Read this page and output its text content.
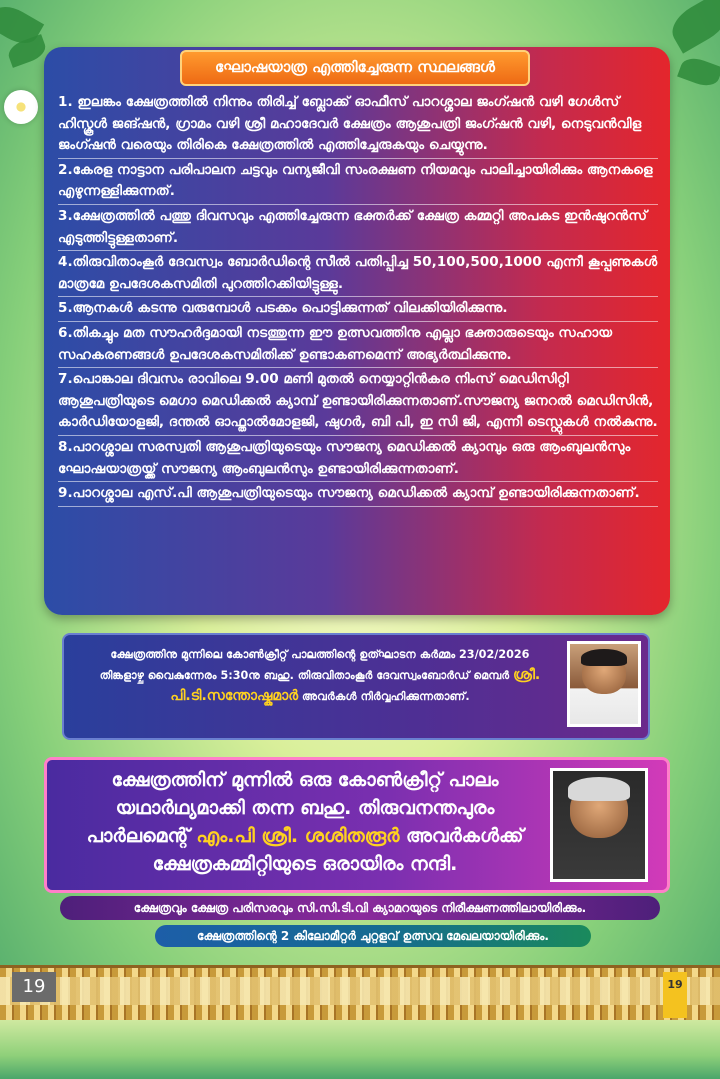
ഘോഷയാത്ര എത്തിച്ചേരുന്ന സ്ഥലങ്ങൾ
1. ഇലങ്കം ക്ഷേത്രത്തിൽ നിന്നും തിരിച്ച് ബ്ലോക്ക് ഓഫീസ് പാറശ്ശാല ജംഗ്ഷൻ വഴി ഗേൾസ് ഹിസ്കൂൾ ജങ്ഷൻ, ഗ്രാമം വഴി ശ്രീ മഹാദേവർ ക്ഷേത്രം ആശുപത്രി ജംഗ്ഷൻ വഴി, നെടുവൻവിള ജംഗ്ഷൻ വരെയും തിരികെ ക്ഷേത്രത്തിൽ എത്തിച്ചേരുകയും ചെയ്യുന്നു.
2.കേരള നാട്ടാന പരിപാലന ചട്ടവും വന്യജീവി സംരക്ഷണ നിയമവും പാലിച്ചായിരിക്കും ആനകളെ എഴുന്നള്ളിക്കുന്നത്.
3.ക്ഷേത്രത്തിൽ പത്തു ദിവസവും എത്തിച്ചേരുന്ന ഭക്തർക്ക് ക്ഷേത്ര കമ്മറ്റി അപകട ഇൻഷുറൻസ് എടുത്തിട്ടുള്ളതാണ്.
4.തിരുവിതാംകൂർ ദേവസ്വം ബോർഡിന്റെ സീൽ പതിപ്പിച്ച 50,100,500,1000 എന്നീ കൂപ്പണുകൾ മാത്രമേ ഉപദേശകസമിതി പുറത്തിറക്കിയിട്ടുള്ളു.
5.ആനകൾ കടന്നു വരുമ്പോൾ പടക്കം പൊട്ടിക്കുന്നത് വിലക്കിയിരിക്കുന്നു.
6.തികച്ചും മത സൗഹർദ്ദമായി നടത്തുന്ന ഈ ഉത്സവത്തിനു എല്ലാ ഭക്താരുടെയും സഹായ സഹകരണങ്ങൾ ഉപദേശകസമിതിക്ക് ഉണ്ടാകണമെന്ന് അഭ്യർത്ഥിക്കുന്നു.
7.പൊങ്കാല ദിവസം രാവിലെ 9.00 മണി മുതൽ നെയ്യാറ്റിൻകര നിംസ് മെഡിസിറ്റി ആശുപത്രിയുടെ മെഗാ മെഡിക്കൽ ക്യാമ്പ് ഉണ്ടായിരിക്കുന്നതാണ്.സൗജന്യ ജനറൽ മെഡിസിൻ, കാർഡിയോളജി, ദന്തൽ ഓഫ്താൽമോളജി, ഷുഗർ, ബി പി, ഇ സി ജി, എന്നീ ടെസ്റ്റുകൾ നൽകുന്നു.
8.പാറശ്ശാല സരസ്വതി ആശുപത്രിയുടെയും സൗജന്യ മെഡിക്കൽ ക്യാമ്പും ഒരു ആംബുലൻസും ഘോഷയാത്രയ്ക്ക് സൗജന്യ ആംബുലൻസും ഉണ്ടായിരിക്കുന്നതാണ്.
9.പാറശ്ശാല എസ്.പി ആശുപത്രിയുടെയും സൗജന്യ മെഡിക്കൽ ക്യാമ്പ് ഉണ്ടായിരിക്കുന്നതാണ്.
ക്ഷേത്രത്തിനു മുന്നിലെ കോൺക്രീറ്റ് പാലത്തിന്റെ ഉത്ഘാടന കർമ്മം 23/02/2026 തിങ്കളാഴ്ച വൈകുന്നേരം 5:30നു ബഹു. തിരുവിതാംകൂർ ദേവസ്വംബോർഡ് മെമ്പർ ശ്രീ. പി.ടി.സന്തോഷ്കുമാർ അവർകൾ നിർവ്വഹിക്കുന്നതാണ്.
ക്ഷേത്രത്തിന് മുന്നിൽ ഒരു കോൺക്രീറ്റ് പാലം യഥാർഥ്യമാക്കി തന്ന ബഹു. തിരുവനന്തപുരം പാർലമെന്റ് എം.പി ശ്രീ. ശശിതരൂർ അവർകൾക്ക് ക്ഷേത്രകമ്മിറ്റിയുടെ ഒരായിരം നന്ദി.
ക്ഷേത്രവും ക്ഷേത്ര പരിസരവും സി.സി.ടി.വി ക്യാമറയുടെ നിരീക്ഷണത്തിലായിരിക്കും.
ക്ഷേത്രത്തിന്റെ 2 കിലോമീറ്റർ ചുറ്റളവ് ഉത്സവ മേഖലയായിരിക്കും.
19	19
